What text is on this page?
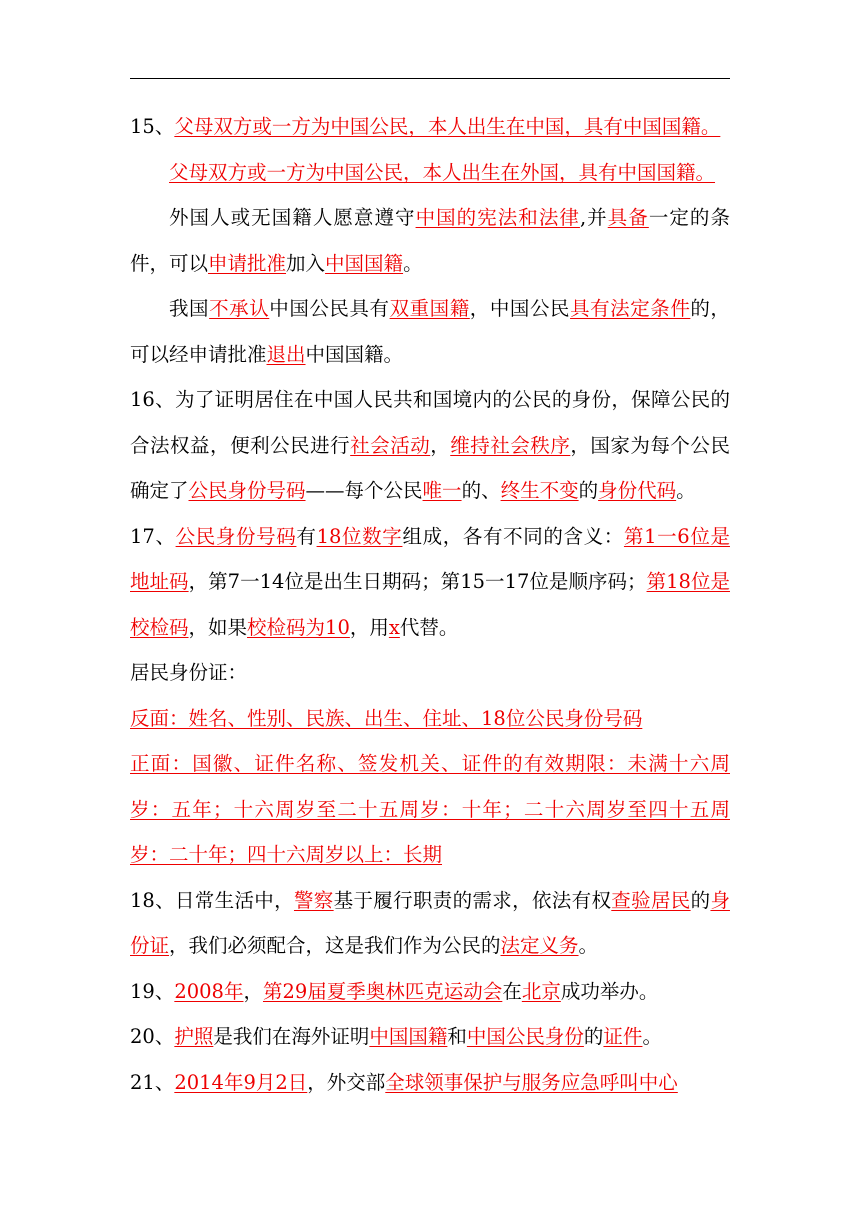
15、父母双方或一方为中国公民，本人出生在中国，具有中国国籍。
父母双方或一方为中国公民，本人出生在外国，具有中国国籍。
外国人或无国籍人愿意遵守中国的宪法和法律,并具备一定的条件，可以申请批准加入中国国籍。
我国不承认中国公民具有双重国籍，中国公民具有法定条件的，可以经申请批准退出中国国籍。
16、为了证明居住在中国人民共和国境内的公民的身份，保障公民的合法权益，便利公民进行社会活动，维持社会秩序，国家为每个公民确定了公民身份号码——每个公民唯一的、终生不变的身份代码。
17、公民身份号码有18位数字组成，各有不同的含义：第1一6位是地址码，第7一14位是出生日期码；第15一17位是顺序码；第18位是校检码，如果校检码为10，用x代替。
居民身份证：
反面：姓名、性别、民族、出生、住址、18位公民身份号码
正面：国徽、证件名称、签发机关、证件的有效期限：未满十六周岁：五年；十六周岁至二十五周岁：十年；二十六周岁至四十五周岁：二十年；四十六周岁以上：长期
18、日常生活中，警察基于履行职责的需求，依法有权查验居民的身份证，我们必须配合，这是我们作为公民的法定义务。
19、2008年，第29届夏季奥林匹克运动会在北京成功举办。
20、护照是我们在海外证明中国国籍和中国公民身份的证件。
21、2014年9月2日，外交部全球领事保护与服务应急呼叫中心
